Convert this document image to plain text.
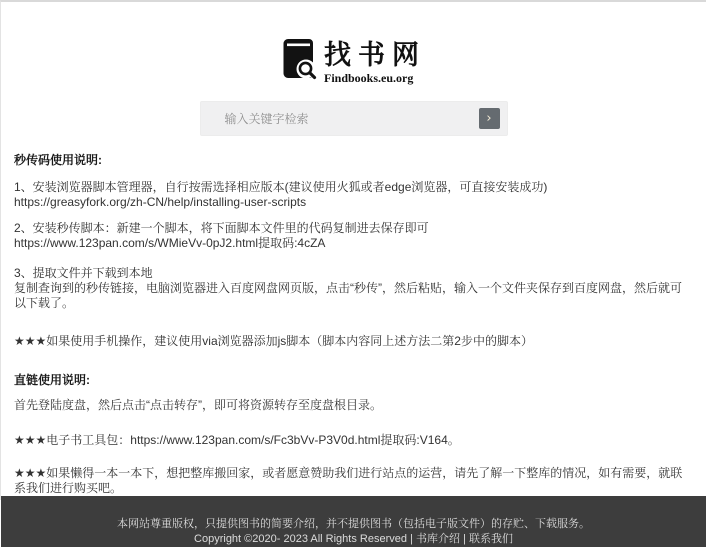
找书网
Findbooks.eu.org
输入关键字检索
›
秒传码使用说明:
1、安装浏览器脚本管理器，自行按需选择相应版本(建议使用火狐或者edge浏览器，可直接安装成功)
https://greasyfork.org/zh-CN/help/installing-user-scripts
2、安装秒传脚本：新建一个脚本，将下面脚本文件里的代码复制进去保存即可
https://www.123pan.com/s/WMieVv-0pJ2.html提取码:4cZA
3、提取文件并下载到本地
复制查询到的秒传链接，电脑浏览器进入百度网盘网页版，点击“秒传”，然后粘贴，输入一个文件夹保存到百度网盘，然后就可以下载了。
★★★如果使用手机操作，建议使用via浏览器添加js脚本（脚本内容同上述方法二第2步中的脚本）
直链使用说明:
首先登陆度盘，然后点击“点击转存”，即可将资源转存至度盘根目录。
★★★电子书工具包：https://www.123pan.com/s/Fc3bVv-P3V0d.html提取码:V164。
★★★如果懒得一本一本下，想把整库搬回家，或者愿意赞助我们进行站点的运营，请先了解一下整库的情况，如有需要，就联系我们进行购买吧。
本网站尊重版权，只提供图书的简要介绍，并不提供图书（包括电子版文件）的存贮、下载服务。
Copyright ©2020- 2023 All Rights Reserved | 书库介绍 | 联系我们
